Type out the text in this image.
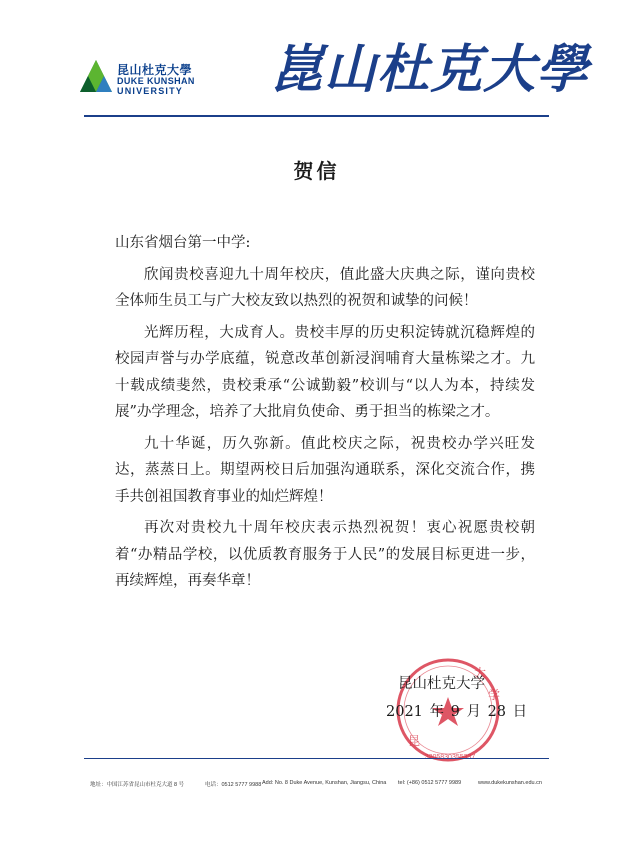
昆山杜克大學
DUKE KUNSHAN
UNIVERSITY 崑山杜克大學
贺信

山东省烟台第一中学:

欣闻贵校喜迎九十周年校庆，值此盛大庆典之际，谨向贵校全体师生员工与广大校友致以热烈的祝贺和诚挚的问候！

光辉历程，大成育人。贵校丰厚的历史积淀铸就沉稳辉煌的校园声誉与办学底蕴，锐意改革创新浸润哺育大量栋梁之才。九十载成绩斐然，贵校秉承“公诚勤毅”校训与“以人为本，持续发展”办学理念，培养了大批肩负使命、勇于担当的栋梁之才。

九十华诞，历久弥新。值此校庆之际，祝贵校办学兴旺发达，蒸蒸日上。期望两校日后加强沟通联系，深化交流合作，携手共创祖国教育事业的灿烂辉煌！

再次对贵校九十周年校庆表示热烈祝贺！衷心祝愿贵校朝着“办精品学校，以优质教育服务于人民”的发展目标更进一步，再续辉煌，再奏华章！

大
学
昆
昆山杜克大学
2021 年 9 月 28 日
地址：中国江苏省昆山市杜克大道 8 号	电话：0512 5777 9988 Add: No. 8 Duke Avenue, Kunshan, Jiangsu, China tel: (+86) 0512 5777 9989	www.dukekunshan.edu.cn
